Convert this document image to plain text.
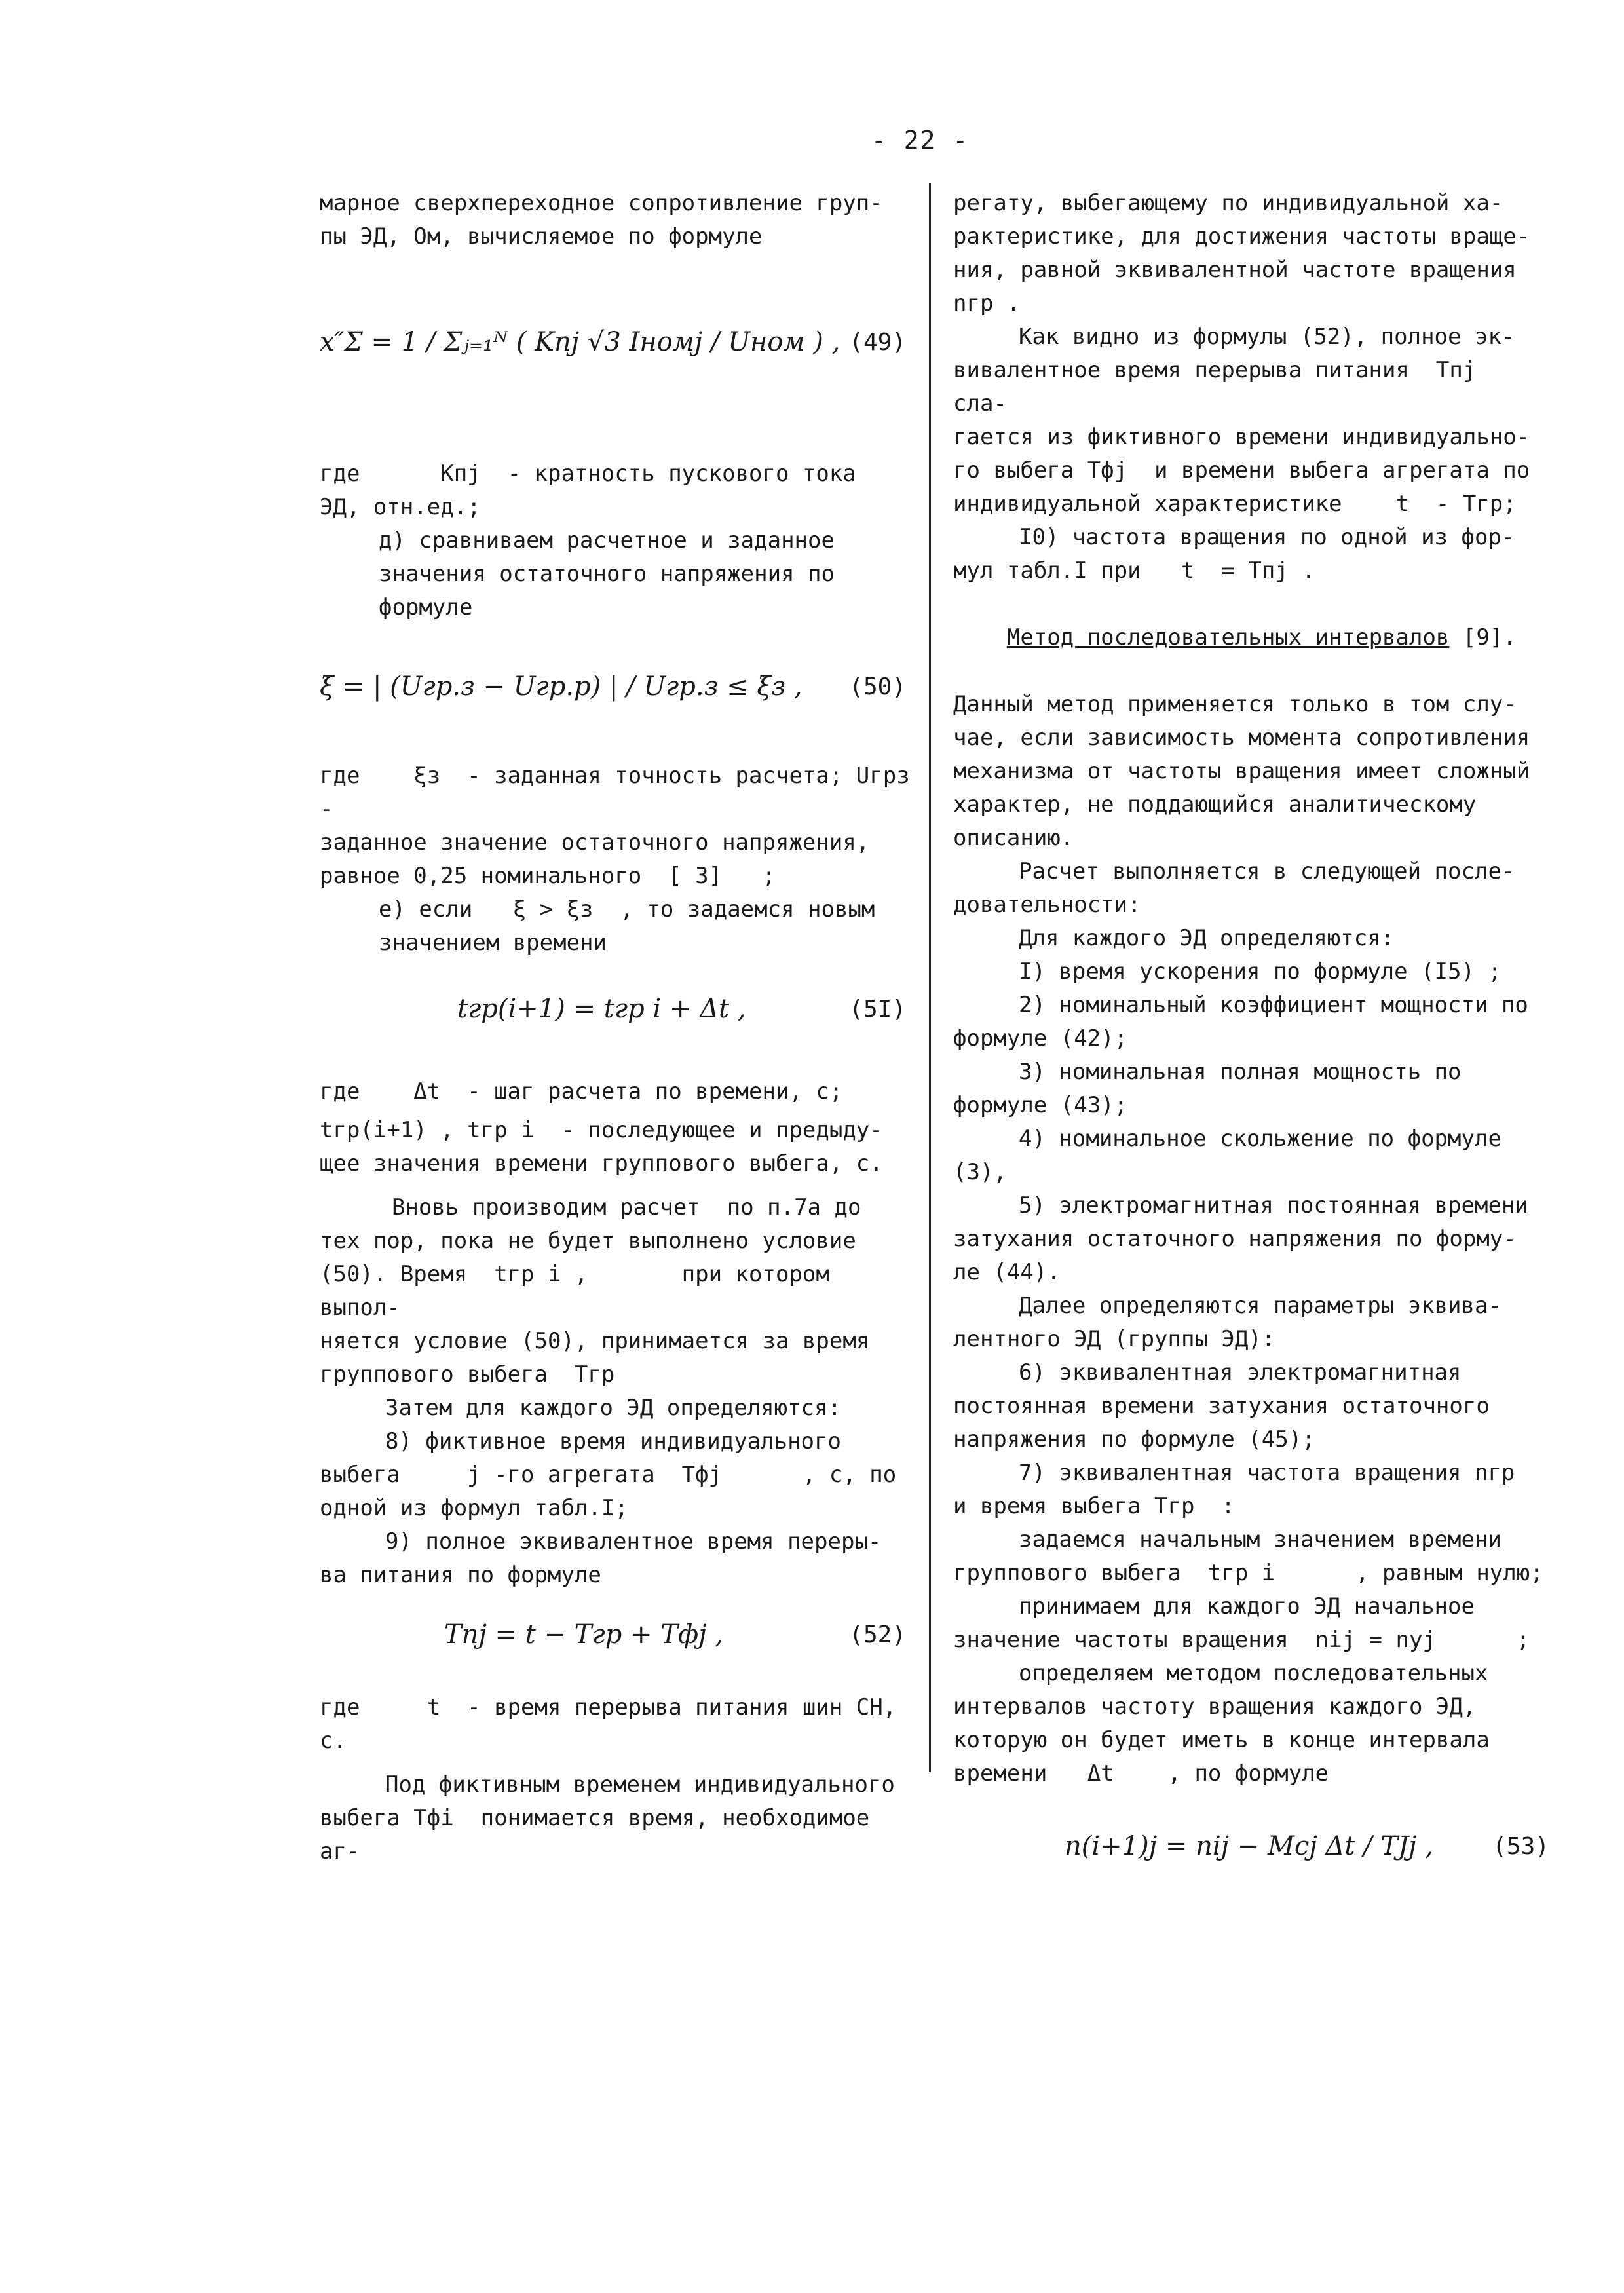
- 22 -

марное сверхпереходное сопротивление груп-
пы ЭД, Ом, вычисляемое по формуле

x″Σ = 1 / Σⱼ₌₁ᴺ ( Kпj √3 Iномj / Uном ) , (49)

где      Kпj  - кратность пускового тока
ЭД, отн.ед.;

д) сравниваем расчетное и заданное
значения остаточного напряжения по формуле

ξ = | (Uгр.з − Uгр.р) | / Uгр.з ≤ ξз , (50)

где    ξз  - заданная точность расчета; Uгрз -
заданное значение остаточного напряжения,
равное 0,25 номинального  [ 3]   ;

е) если   ξ > ξз  , то задаемся новым
значением времени

tгр(i+1) = tгр i + Δt ,	(5I)

где    Δt  - шаг расчета по времени, с;

tгр(i+1) , tгр i  - последующее и предыду-
щее значения времени группового выбега, с.

Вновь производим расчет  по п.7а до
тех пор, пока не будет выполнено условие
(50). Время  tгр i ,       при котором выпол-
няется условие (50), принимается за время
группового выбега  Tгр

Затем для каждого ЭД определяются:

8) фиктивное время индивидуального
выбега     j -го агрегата  Tфj      , с, по
одной из формул табл.I;

9) полное эквивалентное время переры-
ва питания по формуле

Tпj = t − Tгр + Tфj ,	(52)

где     t  - время перерыва питания шин СН, с.

Под фиктивным временем индивидуального
выбега Tфi  понимается время, необходимое аг-

регату, выбегающему по индивидуальной ха-
рактеристике, для достижения частоты враще-
ния, равной эквивалентной частоте вращения
nгр .

Как видно из формулы (52), полное эк-
вивалентное время перерыва питания  Tпj  сла-
гается из фиктивного времени индивидуально-
го выбега Tфj  и времени выбега агрегата по
индивидуальной характеристике    t  - Tгр;

I0) частота вращения по одной из фор-
мул табл.I при   t  = Tпj .

Метод последовательных интервалов [9].

Данный метод применяется только в том слу-
чае, если зависимость момента сопротивления
механизма от частоты вращения имеет сложный
характер, не поддающийся аналитическому
описанию.

Расчет выполняется в следующей после-
довательности:

Для каждого ЭД определяются:

I) время ускорения по формуле (I5) ;

2) номинальный коэффициент мощности по
формуле (42);

3) номинальная полная мощность по
формуле (43);

4) номинальное скольжение по формуле
(3),

5) электромагнитная постоянная времени
затухания остаточного напряжения по форму-
ле (44).

Далее определяются параметры эквива-
лентного ЭД (группы ЭД):

6) эквивалентная электромагнитная
постоянная времени затухания остаточного
напряжения по формуле (45);

7) эквивалентная частота вращения nгр
и время выбега Tгр  :

задаемся начальным значением времени
группового выбега  tгр i      , равным нулю;

принимаем для каждого ЭД начальное
значение частоты вращения  nij = nуj      ;

определяем методом последовательных
интервалов частоту вращения каждого ЭД,
которую он будет иметь в конце интервала
времени   Δt    , по формуле

n(i+1)j = nij − Mcj Δt / TJj ,	(53)
